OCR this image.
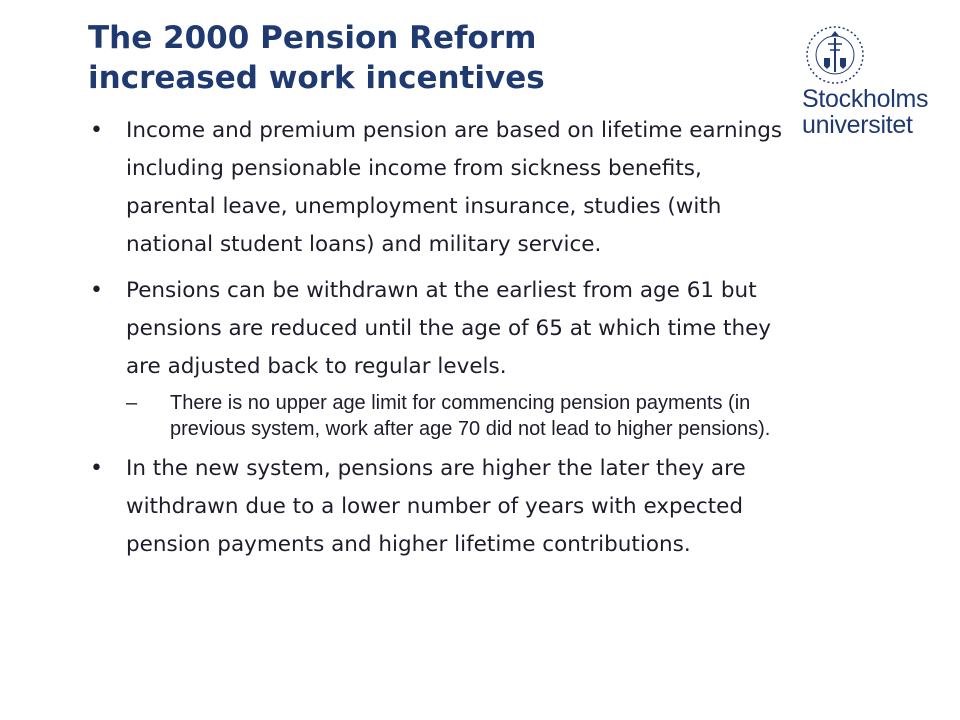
The 2000 Pension Reform
increased work incentives
Stockholms
universitet
• Income and premium pension are based on lifetime earnings including pensionable income from sickness benefits, parental leave, unemployment insurance, studies (with national student loans) and military service.
• Pensions can be withdrawn at the earliest from age 61 but pensions are reduced until the age of 65 at which time they are adjusted back to regular levels.
– There is no upper age limit for commencing pension payments (in previous system, work after age 70 did not lead to higher pensions).
• In the new system, pensions are higher the later they are withdrawn due to a lower number of years with expected pension payments and higher lifetime contributions.
